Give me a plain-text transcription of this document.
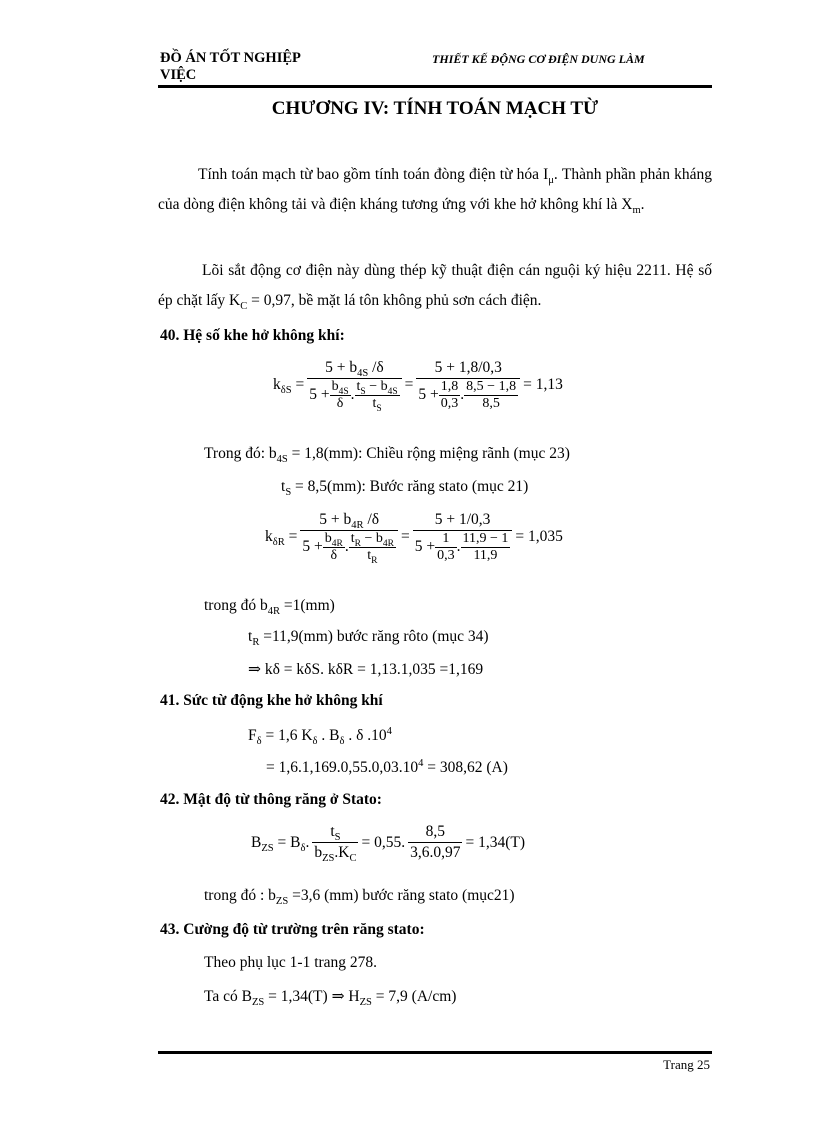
ĐỒ ÁN TỐT NGHIỆP
VIỆC
THIẾT KẾ ĐỘNG CƠ ĐIỆN DUNG LÀM
CHƯƠNG IV: TÍNH TOÁN MẠCH TỪ
Tính toán mạch từ bao gồm tính toán đòng điện từ hóa $I_\mu$. Thành phần phản kháng của dòng điện không tải và điện kháng tương ứng với khe hở không khí là $X_m$.
Lõi sắt động cơ điện này dùng thép kỹ thuật điện cán nguội ký hiệu 2211. Hệ số ép chặt lấy $K_C = 0,97$, bề mặt lá tôn không phủ sơn cách điện.
40. Hệ số khe hở không khí:
$k_{\delta S} = \frac{5 + b_{4S} /\delta}{5 + \frac{b_{4S}}{\delta} . \frac{t_S - b_{4S}}{t_S}} = \frac{5 + 1,8/0,3}{5 + \frac{1,8}{0,3} . \frac{8,5 - 1,8}{8,5}} = 1,13$
Trong đó: $b_{4S} = 1,8(mm)$: Chiều rộng miệng rãnh (mục 23)
$t_S = 8,5(mm)$: Bước răng stato (mục 21)
$k_{\delta R} = \frac{5 + b_{4R} /\delta}{5 + \frac{b_{4R}}{\delta} . \frac{t_R - b_{4R}}{t_R}} = \frac{5 + 1/0,3}{5 + \frac{1}{0,3} . \frac{11,9 - 1}{11,9}} = 1,035$
trong đó $b_{4R} =1(mm)$
$t_R =11,9(mm)$ bước răng rôto (mục 34)
⇒ kδ = kδS. kδR = 1,13.1,035 =1,169
41. Sức từ động khe hở không khí
$F_\delta = 1,6$ $K_\delta$ . $B_\delta$ . δ $.10^4$
= $1,6.1,169.0,55.0,03.10^4 = 308,62$ (A)
42. Mật độ từ thông răng ở Stato:
$B_{ZS} = B_\delta$. $\frac{t_S}{b_{ZS}.K_C} = 0,55$. $\frac{8,5}{3,6.0,97} = 1,34(T)$
trong đó : $b_{ZS} =3,6$ (mm) bước răng stato (mục21)
43. Cường độ từ trường trên răng stato:
Theo phụ lục 1-1 trang 278.
Ta có $B_{ZS} = 1,34(T)$ ⇒ $H_{ZS} = 7,9$ (A/cm)
Trang 25
